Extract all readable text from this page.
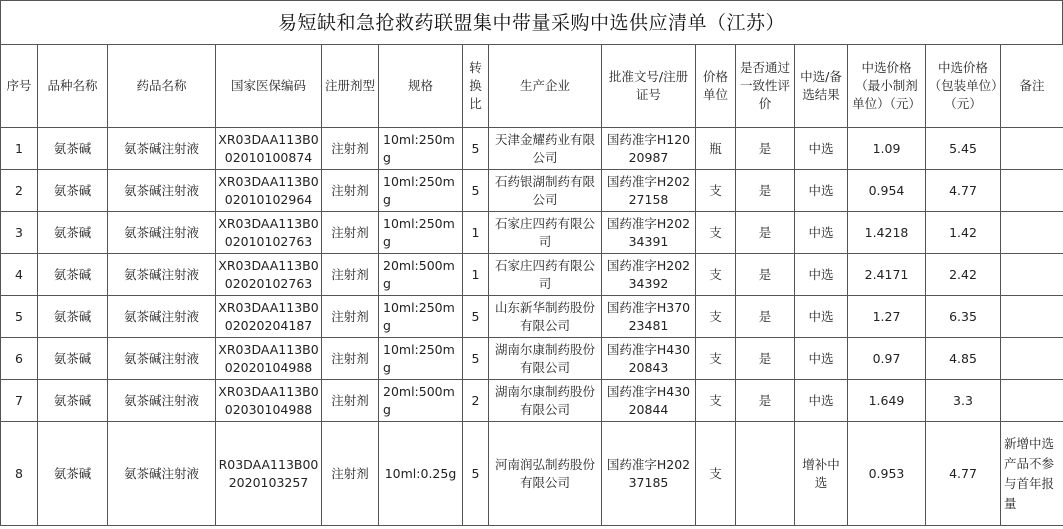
易短缺和急抢救药联盟集中带量采购中选供应清单（江苏）
序号	品种名称	药品名称	国家医保编码	注册剂型	规格	转换比	生产企业	批准文号/注册证号	价格单位	是否通过一致性评价	中选/备选结果	中选价格（最小制剂单位）（元）	中选价格（包装单位）（元）	备注
1	氨茶碱	氨茶碱注射液	XR03DAA113B002010100874	注射剂	10ml:250mg	5	天津金耀药业有限公司	国药准字H12020987	瓶	是	中选	1.09	5.45	
2	氨茶碱	氨茶碱注射液	XR03DAA113B002010102964	注射剂	10ml:250mg	5	石药银湖制药有限公司	国药准字H20227158	支	是	中选	0.954	4.77	
3	氨茶碱	氨茶碱注射液	XR03DAA113B002010102763	注射剂	10ml:250mg	1	石家庄四药有限公司	国药准字H20234391	支	是	中选	1.4218	1.42	
4	氨茶碱	氨茶碱注射液	XR03DAA113B002020102763	注射剂	20ml:500mg	1	石家庄四药有限公司	国药准字H20234392	支	是	中选	2.4171	2.42	
5	氨茶碱	氨茶碱注射液	XR03DAA113B002020204187	注射剂	10ml:250mg	5	山东新华制药股份有限公司	国药准字H37023481	支	是	中选	1.27	6.35	
6	氨茶碱	氨茶碱注射液	XR03DAA113B002020104988	注射剂	10ml:250mg	5	湖南尔康制药股份有限公司	国药准字H43020843	支	是	中选	0.97	4.85	
7	氨茶碱	氨茶碱注射液	XR03DAA113B002030104988	注射剂	20ml:500mg	2	湖南尔康制药股份有限公司	国药准字H43020844	支	是	中选	1.649	3.3	
8	氨茶碱	氨茶碱注射液	R03DAA113B002020103257	注射剂	10ml:0.25g	5	河南润弘制药股份有限公司	国药准字H20237185	支		增补中选	0.953	4.77	新增中选产品不参与首年报量
